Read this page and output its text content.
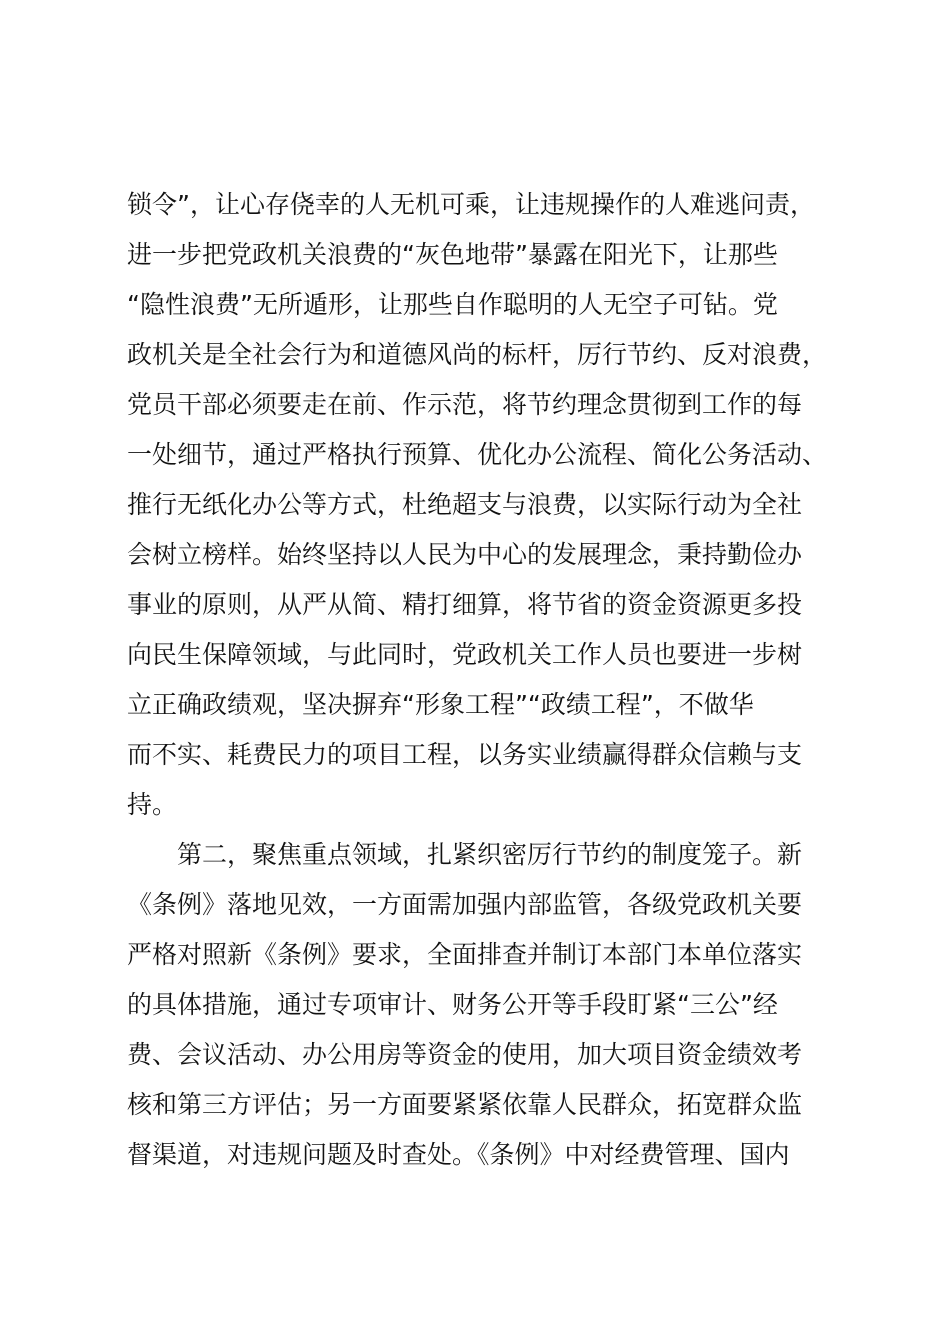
锁令”，让心存侥幸的人无机可乘，让违规操作的人难逃问责，
进一步把党政机关浪费的“灰色地带”暴露在阳光下，让那些
“隐性浪费”无所遁形，让那些自作聪明的人无空子可钻。党
政机关是全社会行为和道德风尚的标杆，厉行节约、反对浪费，
党员干部必须要走在前、作示范，将节约理念贯彻到工作的每
一处细节，通过严格执行预算、优化办公流程、简化公务活动、
推行无纸化办公等方式，杜绝超支与浪费，以实际行动为全社
会树立榜样。始终坚持以人民为中心的发展理念，秉持勤俭办
事业的原则，从严从简、精打细算，将节省的资金资源更多投
向民生保障领域，与此同时，党政机关工作人员也要进一步树
立正确政绩观，坚决摒弃“形象工程”“政绩工程”，不做华
而不实、耗费民力的项目工程，以务实业绩赢得群众信赖与支
持。
　　第二，聚焦重点领域，扎紧织密厉行节约的制度笼子。新
《条例》落地见效，一方面需加强内部监管，各级党政机关要
严格对照新《条例》要求，全面排查并制订本部门本单位落实
的具体措施，通过专项审计、财务公开等手段盯紧“三公”经
费、会议活动、办公用房等资金的使用，加大项目资金绩效考
核和第三方评估；另一方面要紧紧依靠人民群众，拓宽群众监
督渠道，对违规问题及时查处。《条例》中对经费管理、国内
